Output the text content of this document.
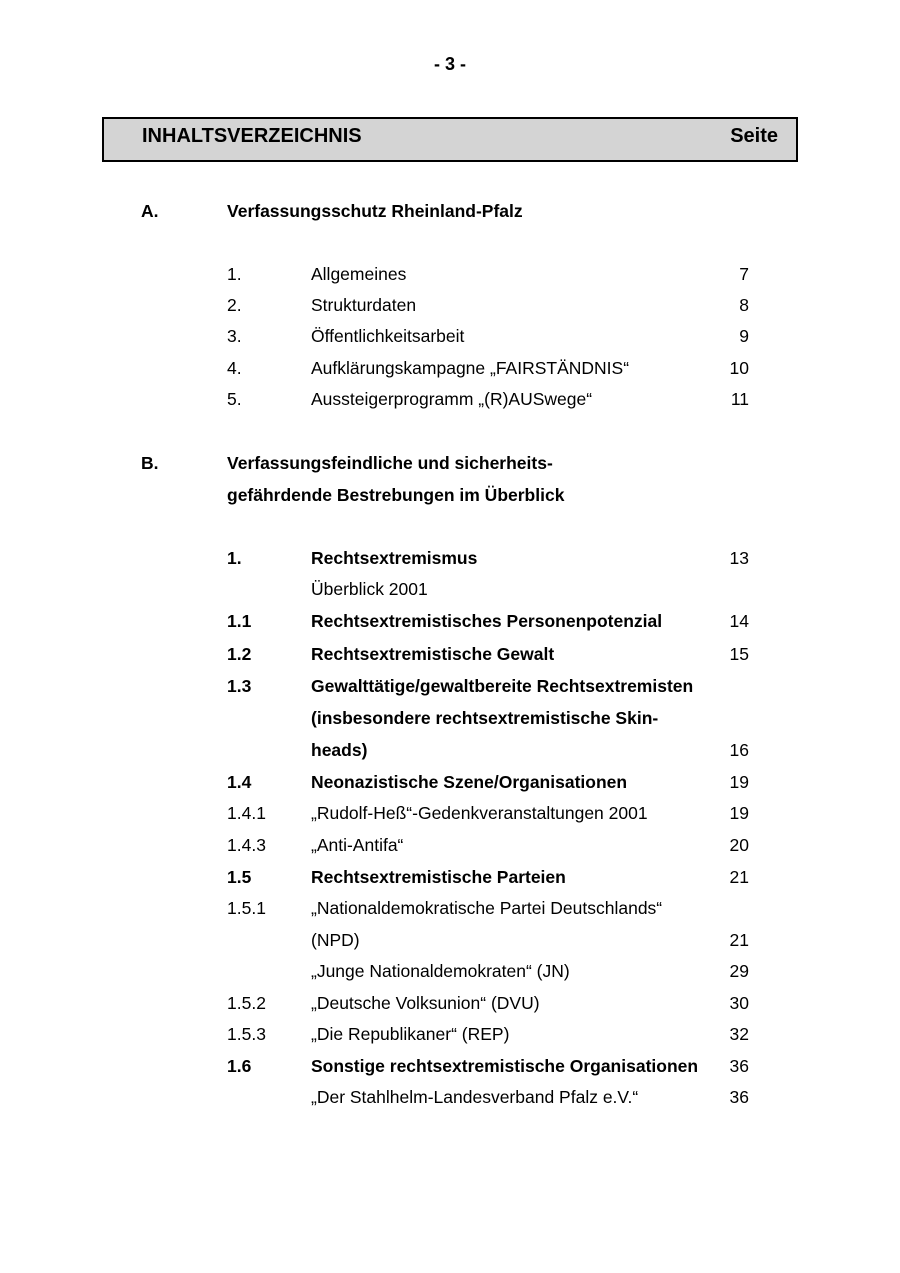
- 3 -
INHALTSVERZEICHNIS	Seite
A.	Verfassungsschutz Rheinland-Pfalz
1.	Allgemeines	7
2.	Strukturdaten	8
3.	Öffentlichkeitsarbeit	9
4.	Aufklärungskampagne „FAIRSTÄNDNIS“	10
5.	Aussteigerprogramm „(R)AUSwege“	11
B.	Verfassungsfeindliche und sicherheits-
gefährdende Bestrebungen im Überblick
1.	Rechtsextremismus	13
Überblick 2001
1.1	Rechtsextremistisches Personenpotenzial	14
1.2	Rechtsextremistische Gewalt	15
1.3	Gewalttätige/gewaltbereite Rechtsextremisten
(insbesondere rechtsextremistische Skin-
heads)	16
1.4	Neonazistische Szene/Organisationen	19
1.4.1	„Rudolf-Heß“-Gedenkveranstaltungen 2001	19
1.4.3	„Anti-Antifa“	20
1.5	Rechtsextremistische Parteien	21
1.5.1	„Nationaldemokratische Partei Deutschlands“
(NPD)	21
„Junge Nationaldemokraten“ (JN)	29
1.5.2	„Deutsche Volksunion“ (DVU)	30
1.5.3	„Die Republikaner“ (REP)	32
1.6	Sonstige rechtsextremistische Organisationen 36
„Der Stahlhelm-Landesverband Pfalz e.V.“	36
